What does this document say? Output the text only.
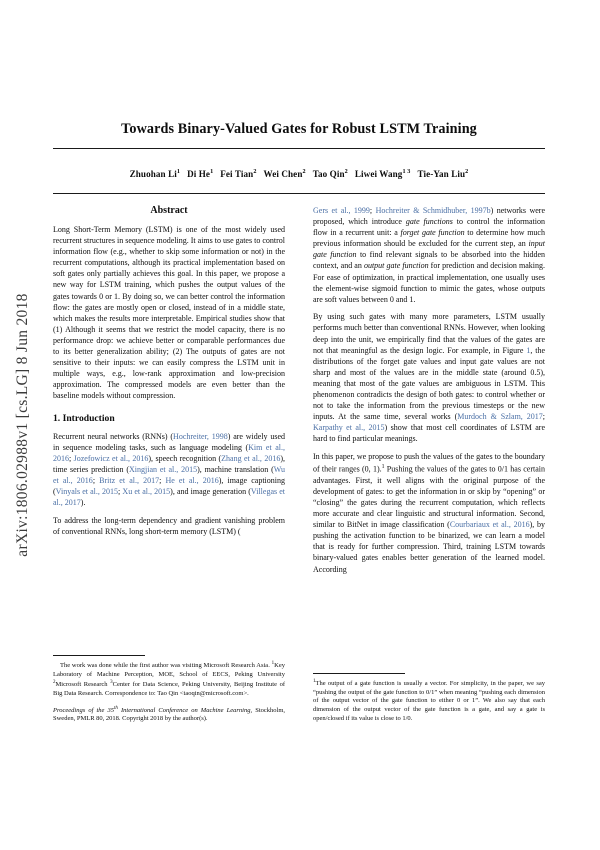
arXiv:1806.02988v1 [cs.LG] 8 Jun 2018
Towards Binary-Valued Gates for Robust LSTM Training
Zhuohan Li$^1$ Di He$^1$ Fei Tian$^2$ Wei Chen$^2$ Tao Qin$^2$ Liwei Wang$^{1 3}$ Tie-Yan Liu$^2$
Abstract

Long Short-Term Memory (LSTM) is one of the most widely used recurrent structures in sequence modeling. It aims to use gates to control information flow (e.g., whether to skip some information or not) in the recurrent computations, although its practical implementation based on soft gates only partially achieves this goal. In this paper, we propose a new way for LSTM training, which pushes the output values of the gates towards 0 or 1. By doing so, we can better control the information flow: the gates are mostly open or closed, instead of in a middle state, which makes the results more interpretable. Empirical studies show that (1) Although it seems that we restrict the model capacity, there is no performance drop: we achieve better or comparable performances due to its better generalization ability; (2) The outputs of gates are not sensitive to their inputs: we can easily compress the LSTM unit in multiple ways, e.g., low-rank approximation and low-precision approximation. The compressed models are even better than the baseline models without compression.

1. Introduction

Recurrent neural networks (RNNs) (Hochreiter, 1998) are widely used in sequence modeling tasks, such as language modeling (Kim et al., 2016; Jozefowicz et al., 2016), speech recognition (Zhang et al., 2016), time series prediction (Xingjian et al., 2015), machine translation (Wu et al., 2016; Britz et al., 2017; He et al., 2016), image captioning (Vinyals et al., 2015; Xu et al., 2015), and image generation (Villegas et al., 2017).

To address the long-term dependency and gradient vanishing problem of conventional RNNs, long short-term memory (LSTM) (

Gers et al., 1999; Hochreiter & Schmidhuber, 1997b) networks were proposed, which introduce gate functions to control the information flow in a recurrent unit: a forget gate function to determine how much previous information should be excluded for the current step, an input gate function to find relevant signals to be absorbed into the hidden context, and an output gate function for prediction and decision making. For ease of optimization, in practical implementation, one usually uses the element-wise sigmoid function to mimic the gates, whose outputs are soft values between 0 and 1.

By using such gates with many more parameters, LSTM usually performs much better than conventional RNNs. However, when looking deep into the unit, we empirically find that the values of the gates are not that meaningful as the design logic. For example, in Figure 1, the distributions of the forget gate values and input gate values are not sharp and most of the values are in the middle state (around 0.5), meaning that most of the gate values are ambiguous in LSTM. This phenomenon contradicts the design of both gates: to control whether or not to take the information from the previous timesteps or the new inputs. At the same time, several works (Murdoch & Szlam, 2017; Karpathy et al., 2015) show that most cell coordinates of LSTM are hard to find particular meanings.

In this paper, we propose to push the values of the gates to the boundary of their ranges (0, 1).$^1$ Pushing the values of the gates to 0/1 has certain advantages. First, it well aligns with the original purpose of the development of gates: to get the information in or skip by “opening” or “closing” the gates during the recurrent computation, which reflects more accurate and clear linguistic and structural information. Second, similar to BitNet in image classification (Courbariaux et al., 2016), by pushing the activation function to be binarized, we can learn a model that is ready for further compression. Third, training LSTM towards binary-valued gates enables better generation of the learned model. According

The work was done while the first author was visiting Microsoft Research Asia. $^1$Key Laboratory of Machine Perception, MOE, School of EECS, Peking University $^2$Microsoft Research $^3$Center for Data Science, Peking University, Beijing Institute of Big Data Research. Correspondence to: Tao Qin <taoqin@microsoft.com>.

Proceedings of the 35th International Conference on Machine Learning, Stockholm, Sweden, PMLR 80, 2018. Copyright 2018 by the author(s).

$^1$The output of a gate function is usually a vector. For simplicity, in the paper, we say “pushing the output of the gate function to 0/1” when meaning “pushing each dimension of the output vector of the gate function to either 0 or 1”. We also say that each dimension of the output vector of the gate function is a gate, and say a gate is open/closed if its value is close to 1/0.
